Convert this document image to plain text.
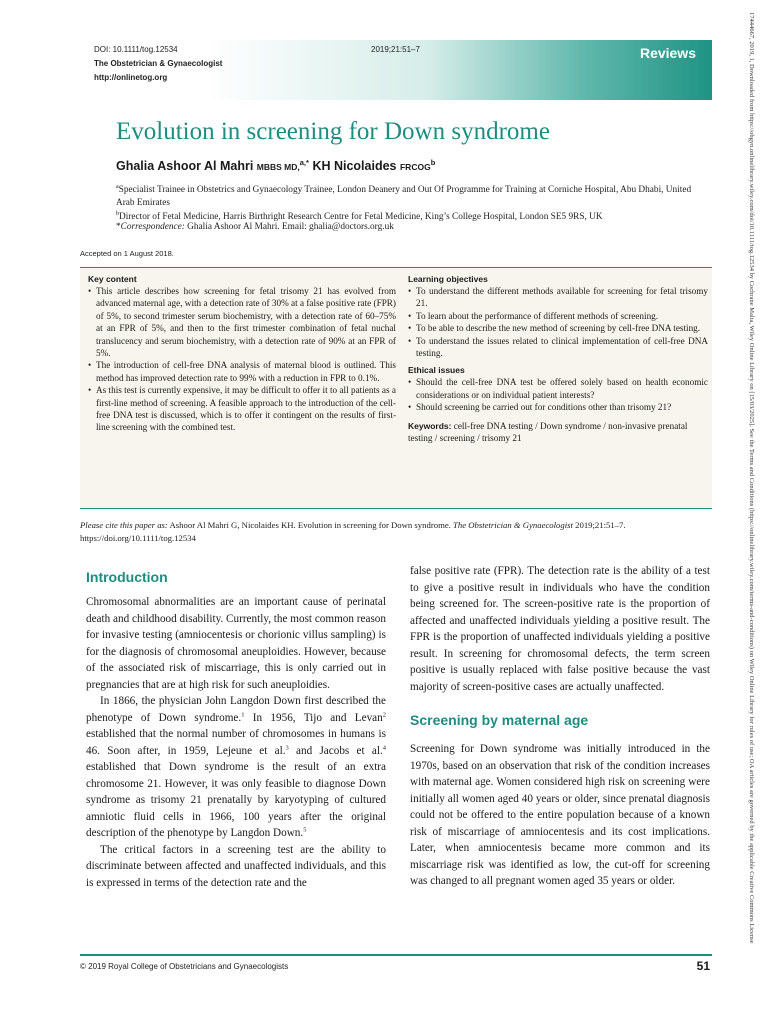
DOI: 10.1111/tog.12534
The Obstetrician & Gynaecologist
http://onlinetog.org
2019;21:51–7	Reviews
Evolution in screening for Down syndrome
Ghalia Ashoor Al Mahri MBBS MD,$^{a,*}$ KH Nicolaides FRCOG$^b$
$^a$Specialist Trainee in Obstetrics and Gynaecology Trainee, London Deanery and Out Of Programme for Training at Corniche Hospital, Abu Dhabi, United Arab Emirates
$^b$Director of Fetal Medicine, Harris Birthright Research Centre for Fetal Medicine, King’s College Hospital, London SE5 9RS, UK
*Correspondence: Ghalia Ashoor Al Mahri. Email: ghalia@doctors.org.uk
Accepted on 1 August 2018.
Key content
• This article describes how screening for fetal trisomy 21 has evolved from advanced maternal age, with a detection rate of 30% at a false positive rate (FPR) of 5%, to second trimester serum biochemistry, with a detection rate of 60–75% at an FPR of 5%, and then to the first trimester combination of fetal nuchal translucency and serum biochemistry, with a detection rate of 90% at an FPR of 5%.
• The introduction of cell-free DNA analysis of maternal blood is outlined. This method has improved detection rate to 99% with a reduction in FPR to 0.1%.
• As this test is currently expensive, it may be difficult to offer it to all patients as a first-line method of screening. A feasible approach to the introduction of the cell-free DNA test is discussed, which is to offer it contingent on the results of first-line screening with the combined test.
Learning objectives
• To understand the different methods available for screening for fetal trisomy 21.
• To learn about the performance of different methods of screening.
• To be able to describe the new method of screening by cell-free DNA testing.
• To understand the issues related to clinical implementation of cell-free DNA testing.
Ethical issues
• Should the cell-free DNA test be offered solely based on health economic considerations or on individual patient interests?
• Should screening be carried out for conditions other than trisomy 21?
Keywords: cell-free DNA testing / Down syndrome / non-invasive prenatal testing / screening / trisomy 21
Please cite this paper as: Ashoor Al Mahri G, Nicolaides KH. Evolution in screening for Down syndrome. The Obstetrician & Gynaecologist 2019;21:51–7. https://doi.org/10.1111/tog.12534
Introduction

Chromosomal abnormalities are an important cause of perinatal death and childhood disability. Currently, the most common reason for invasive testing (amniocentesis or chorionic villus sampling) is for the diagnosis of chromosomal aneuploidies. However, because of the associated risk of miscarriage, this is only carried out in pregnancies that are at high risk for such aneuploidies.

In 1866, the physician John Langdon Down first described the phenotype of Down syndrome.$^1$ In 1956, Tijo and Levan$^2$ established that the normal number of chromosomes in humans is 46. Soon after, in 1959, Lejeune et al.$^3$ and Jacobs et al.$^4$ established that Down syndrome is the result of an extra chromosome 21. However, it was only feasible to diagnose Down syndrome as trisomy 21 prenatally by karyotyping of cultured amniotic fluid cells in 1966, 100 years after the original description of the phenotype by Langdon Down.$^5$

The critical factors in a screening test are the ability to discriminate between affected and unaffected individuals, and this is expressed in terms of the detection rate and the

false positive rate (FPR). The detection rate is the ability of a test to give a positive result in individuals who have the condition being screened for. The screen-positive rate is the proportion of affected and unaffected individuals yielding a positive result. The FPR is the proportion of unaffected individuals yielding a positive result. In screening for chromosomal defects, the term screen positive is usually replaced with false positive because the vast majority of screen-positive cases are actually unaffected.

Screening by maternal age

Screening for Down syndrome was initially introduced in the 1970s, based on an observation that risk of the condition increases with maternal age. Women considered high risk on screening were initially all women aged 40 years or older, since prenatal diagnosis could not be offered to the entire population because of a known risk of miscarriage of amniocentesis and its cost implications. Later, when amniocentesis became more common and its miscarriage risk was identified as low, the cut-off for screening was changed to all pregnant women aged 35 years or older.

© 2019 Royal College of Obstetricians and Gynaecologists	51
17444667, 2019, 1, Downloaded from https://obgyn.onlinelibrary.wiley.com/doi/10.1111/tog.12534 by Cochrane Malta, Wiley Online Library on [15/03/2025]. See the Terms and Conditions (https://onlinelibrary.wiley.com/terms-and-conditions) on Wiley Online Library for rules of use; OA articles are governed by the applicable Creative Commons License
